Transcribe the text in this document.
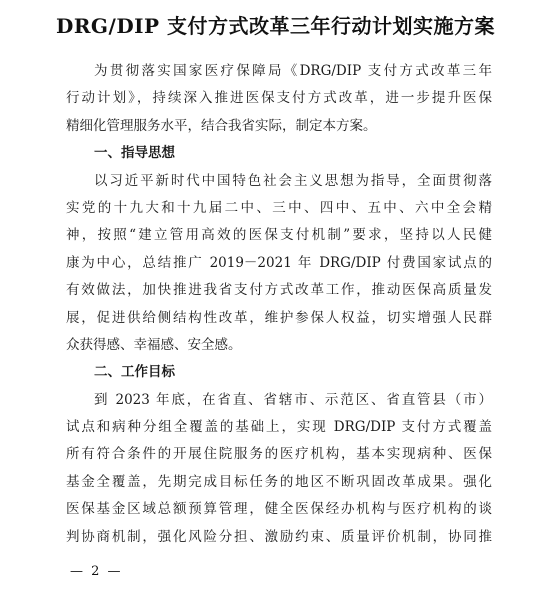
DRG/DIP 支付方式改革三年行动计划实施方案
为贯彻落实国家医疗保障局《DRG/DIP 支付方式改革三年
行动计划》，持续深入推进医保支付方式改革，进一步提升医保
精细化管理服务水平，结合我省实际，制定本方案。
一、指导思想
以习近平新时代中国特色社会主义思想为指导，全面贯彻落
实党的十九大和十九届二中、三中、四中、五中、六中全会精
神，按照“建立管用高效的医保支付机制”要求，坚持以人民健
康为中心，总结推广 2019－2021 年 DRG/DIP 付费国家试点的
有效做法，加快推进我省支付方式改革工作，推动医保高质量发
展，促进供给侧结构性改革，维护参保人权益，切实增强人民群
众获得感、幸福感、安全感。
二、工作目标
到 2023 年底，在省直、省辖市、示范区、省直管县（市）
试点和病种分组全覆盖的基础上，实现 DRG/DIP 支付方式覆盖
所有符合条件的开展住院服务的医疗机构，基本实现病种、医保
基金全覆盖，先期完成目标任务的地区不断巩固改革成果。强化
医保基金区域总额预算管理，健全医保经办机构与医疗机构的谈
判协商机制，强化风险分担、激励约束、质量评价机制，协同推
— 2 —
